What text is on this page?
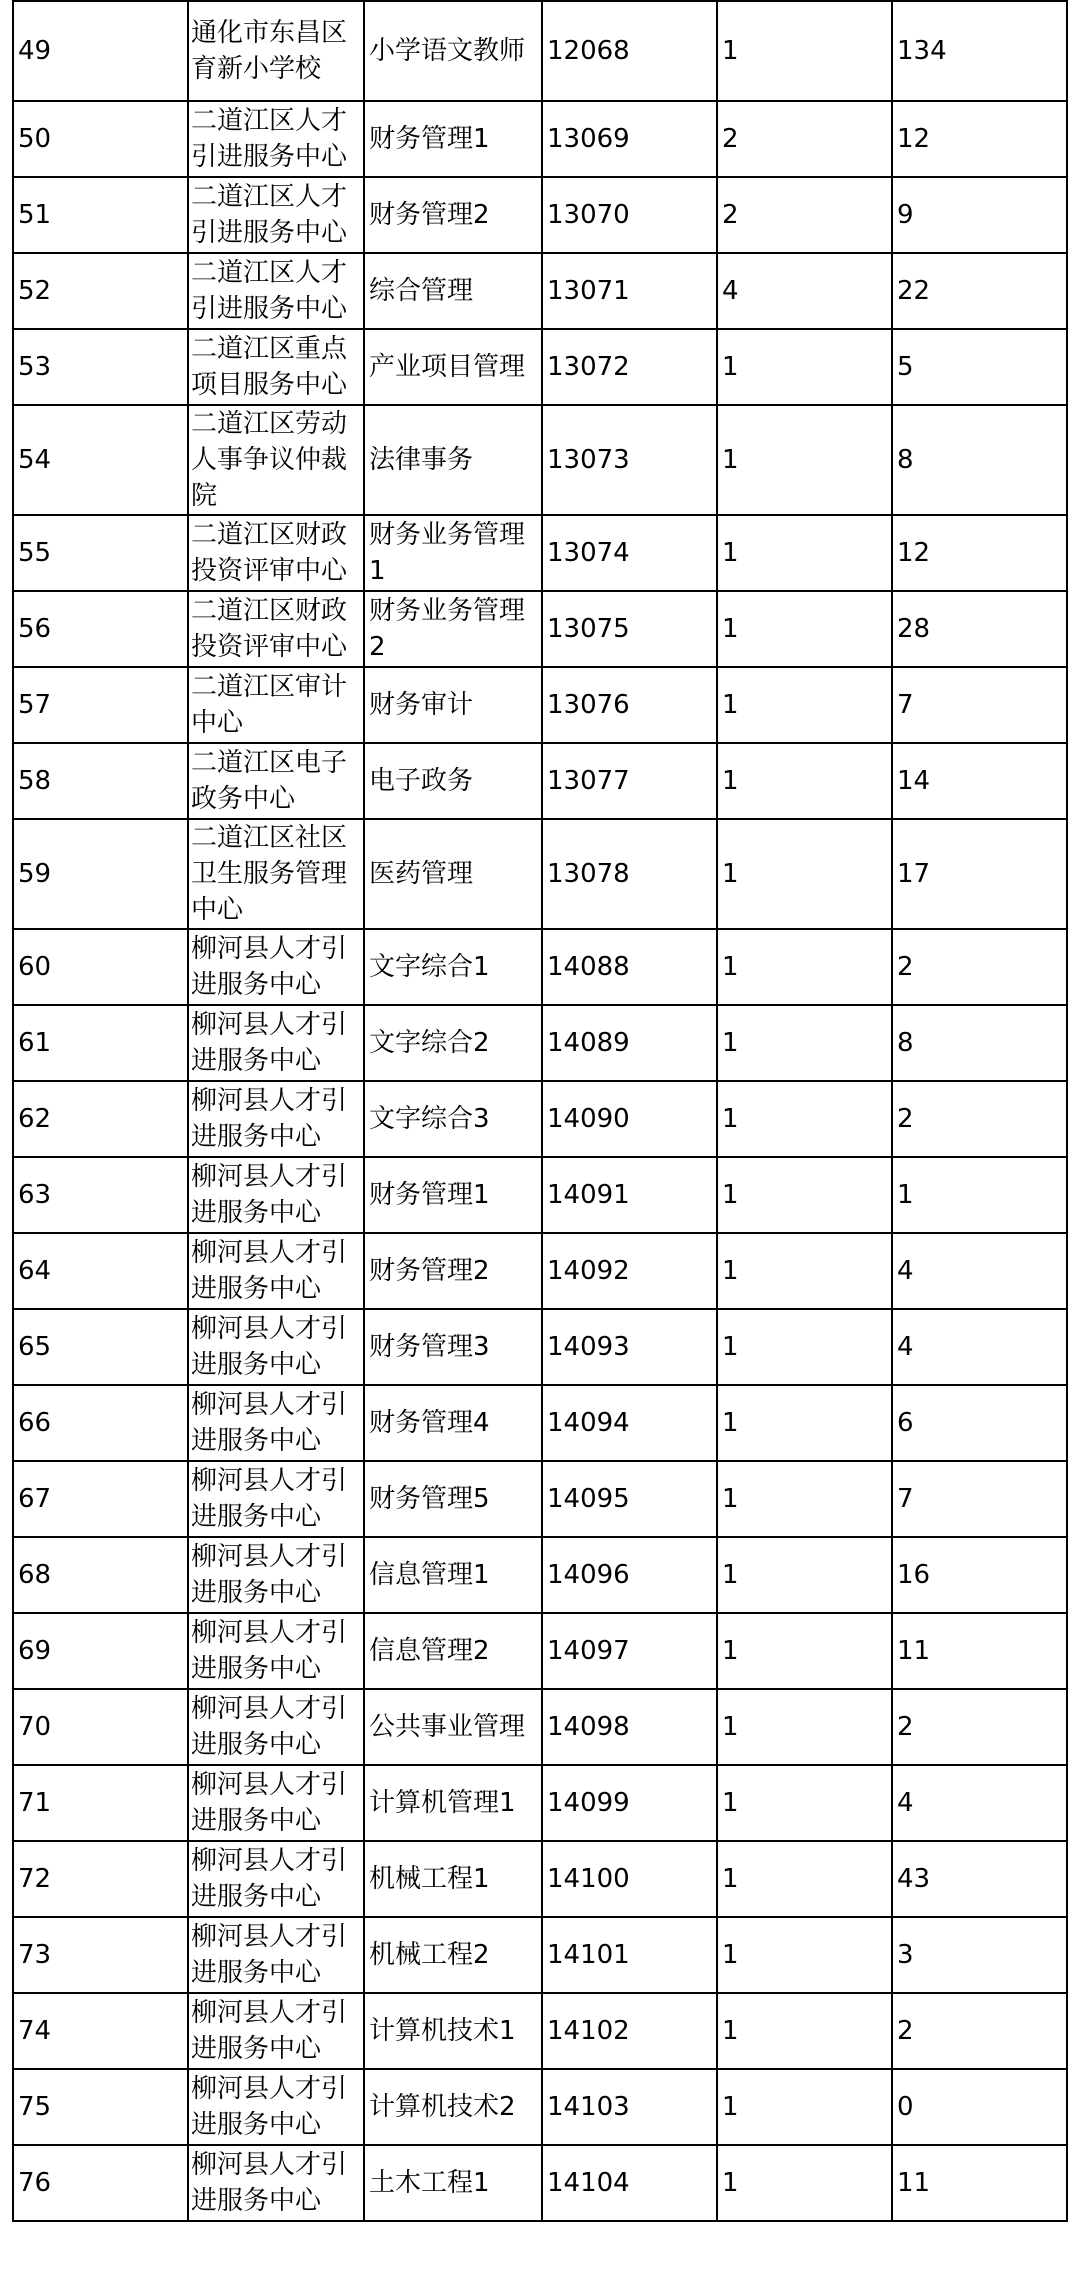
49	通化市东昌区育新小学校	小学语文教师	12068	1	134
50	二道江区人才引进服务中心	财务管理1	13069	2	12
51	二道江区人才引进服务中心	财务管理2	13070	2	9
52	二道江区人才引进服务中心	综合管理	13071	4	22
53	二道江区重点项目服务中心	产业项目管理	13072	1	5
54	二道江区劳动人事争议仲裁院	法律事务	13073	1	8
55	二道江区财政投资评审中心	财务业务管理1	13074	1	12
56	二道江区财政投资评审中心	财务业务管理2	13075	1	28
57	二道江区审计中心	财务审计	13076	1	7
58	二道江区电子政务中心	电子政务	13077	1	14
59	二道江区社区卫生服务管理中心	医药管理	13078	1	17
60	柳河县人才引进服务中心	文字综合1	14088	1	2
61	柳河县人才引进服务中心	文字综合2	14089	1	8
62	柳河县人才引进服务中心	文字综合3	14090	1	2
63	柳河县人才引进服务中心	财务管理1	14091	1	1
64	柳河县人才引进服务中心	财务管理2	14092	1	4
65	柳河县人才引进服务中心	财务管理3	14093	1	4
66	柳河县人才引进服务中心	财务管理4	14094	1	6
67	柳河县人才引进服务中心	财务管理5	14095	1	7
68	柳河县人才引进服务中心	信息管理1	14096	1	16
69	柳河县人才引进服务中心	信息管理2	14097	1	11
70	柳河县人才引进服务中心	公共事业管理	14098	1	2
71	柳河县人才引进服务中心	计算机管理1	14099	1	4
72	柳河县人才引进服务中心	机械工程1	14100	1	43
73	柳河县人才引进服务中心	机械工程2	14101	1	3
74	柳河县人才引进服务中心	计算机技术1	14102	1	2
75	柳河县人才引进服务中心	计算机技术2	14103	1	0
76	柳河县人才引进服务中心	土木工程1	14104	1	11
